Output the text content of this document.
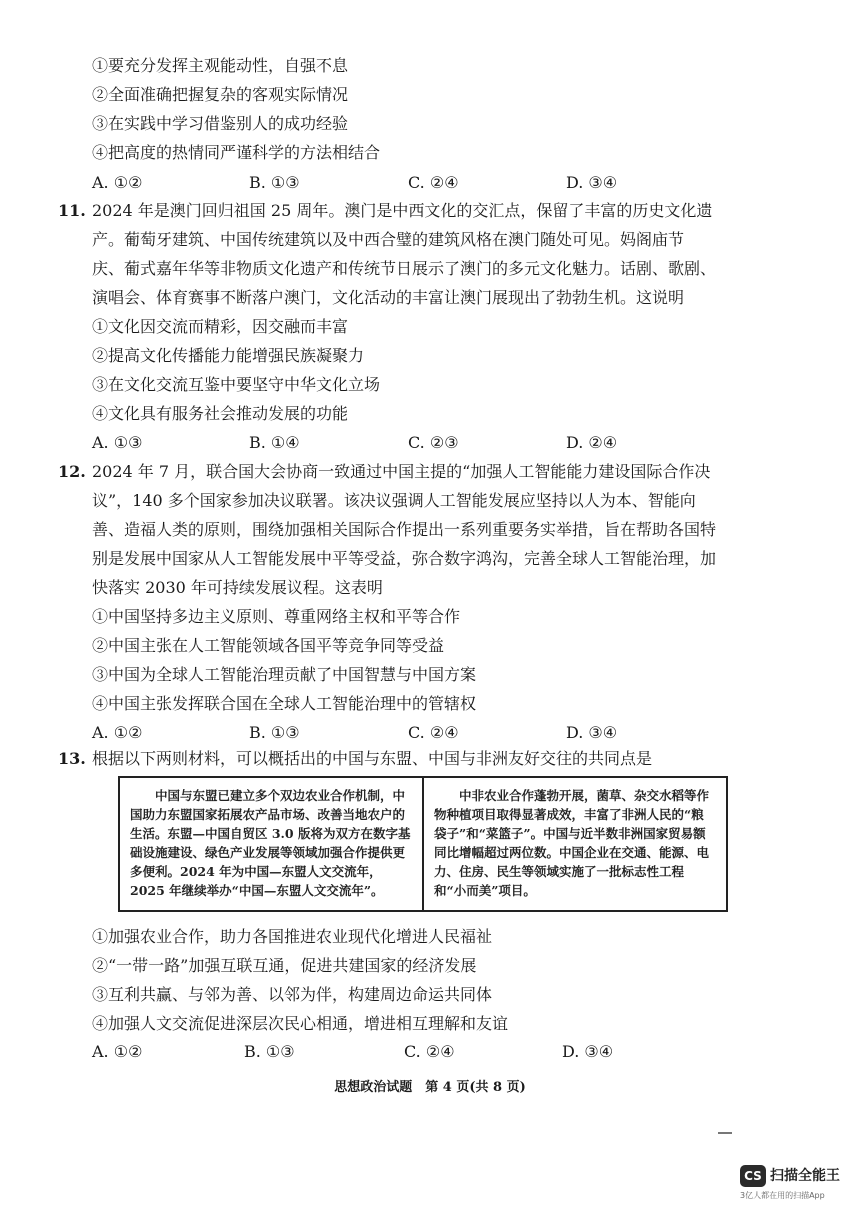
①要充分发挥主观能动性，自强不息
②全面准确把握复杂的客观实际情况
③在实践中学习借鉴别人的成功经验
④把高度的热情同严谨科学的方法相结合
A. ①②	B. ①③	C. ②④	D. ③④
11. 2024 年是澳门回归祖国 25 周年。澳门是中西文化的交汇点，保留了丰富的历史文化遗
产。葡萄牙建筑、中国传统建筑以及中西合璧的建筑风格在澳门随处可见。妈阁庙节
庆、葡式嘉年华等非物质文化遗产和传统节日展示了澳门的多元文化魅力。话剧、歌剧、
演唱会、体育赛事不断落户澳门，文化活动的丰富让澳门展现出了勃勃生机。这说明
①文化因交流而精彩，因交融而丰富
②提高文化传播能力能增强民族凝聚力
③在文化交流互鉴中要坚守中华文化立场
④文化具有服务社会推动发展的功能
A. ①③	B. ①④	C. ②③	D. ②④
12. 2024 年 7 月，联合国大会协商一致通过中国主提的“加强人工智能能力建设国际合作决
议”，140 多个国家参加决议联署。该决议强调人工智能发展应坚持以人为本、智能向
善、造福人类的原则，围绕加强相关国际合作提出一系列重要务实举措，旨在帮助各国特
别是发展中国家从人工智能发展中平等受益，弥合数字鸿沟，完善全球人工智能治理，加
快落实 2030 年可持续发展议程。这表明
①中国坚持多边主义原则、尊重网络主权和平等合作
②中国主张在人工智能领域各国平等竞争同等受益
③中国为全球人工智能治理贡献了中国智慧与中国方案
④中国主张发挥联合国在全球人工智能治理中的管辖权
A. ①②	B. ①③	C. ②④	D. ③④
13. 根据以下两则材料，可以概括出的中国与东盟、中国与非洲友好交往的共同点是
中国与东盟已建立多个双边农业合作机制，中国助力东盟国家拓展农产品市场、改善当地农户的生活。东盟—中国自贸区 3.0 版将为双方在数字基础设施建设、绿色产业发展等领域加强合作提供更多便利。2024 年为中国—东盟人文交流年，2025 年继续举办“中国—东盟人文交流年”。
中非农业合作蓬勃开展，菌草、杂交水稻等作物种植项目取得显著成效，丰富了非洲人民的“粮袋子”和“菜篮子”。中国与近半数非洲国家贸易额同比增幅超过两位数。中国企业在交通、能源、电力、住房、民生等领域实施了一批标志性工程和“小而美”项目。
①加强农业合作，助力各国推进农业现代化增进人民福祉
②“一带一路”加强互联互通，促进共建国家的经济发展
③互利共赢、与邻为善、以邻为伴，构建周边命运共同体
④加强人文交流促进深层次民心相通，增进相互理解和友谊
A. ①②	B. ①③	C. ②④	D. ③④
思想政治试题　第 4 页(共 8 页)
CS 扫描全能王
3亿人都在用的扫描App
